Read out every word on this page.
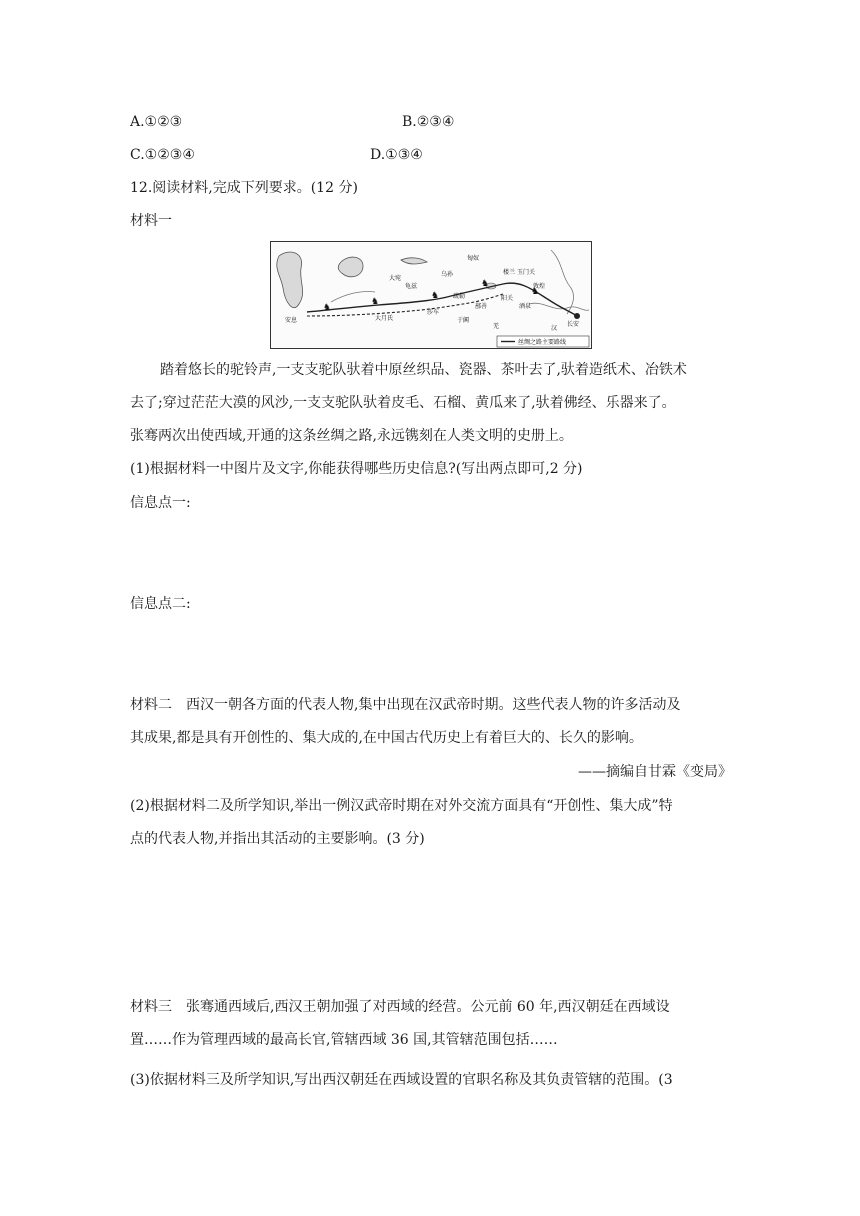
A.①②③	B.②③④
C.①②③④	D.①③④
12.阅读材料,完成下列要求。(12 分)
材料一
♞
♞
♞
♞
♞
楼兰 玉门关
敦煌
酒泉
阳关
长安
于阗
疏勒
莎车
大月氏
龟兹
鄯善
安息
大宛
乌孙
匈奴
羌	汉
丝绸之路主要路线
踏着悠长的驼铃声,一支支驼队驮着中原丝织品、瓷器、茶叶去了,驮着造纸术、冶铁术
去了;穿过茫茫大漠的风沙,一支支驼队驮着皮毛、石榴、黄瓜来了,驮着佛经、乐器来了。
张骞两次出使西域,开通的这条丝绸之路,永远镌刻在人类文明的史册上。
(1)根据材料一中图片及文字,你能获得哪些历史信息?(写出两点即可,2 分)
信息点一:
信息点二:
材料二　西汉一朝各方面的代表人物,集中出现在汉武帝时期。这些代表人物的许多活动及
其成果,都是具有开创性的、集大成的,在中国古代历史上有着巨大的、长久的影响。
——摘编自甘霖《变局》
(2)根据材料二及所学知识,举出一例汉武帝时期在对外交流方面具有“开创性、集大成”特
点的代表人物,并指出其活动的主要影响。(3 分)
材料三　张骞通西域后,西汉王朝加强了对西域的经营。公元前 60 年,西汉朝廷在西域设
置……作为管理西域的最高长官,管辖西域 36 国,其管辖范围包括……
(3)依据材料三及所学知识,写出西汉朝廷在西域设置的官职名称及其负责管辖的范围。(3
